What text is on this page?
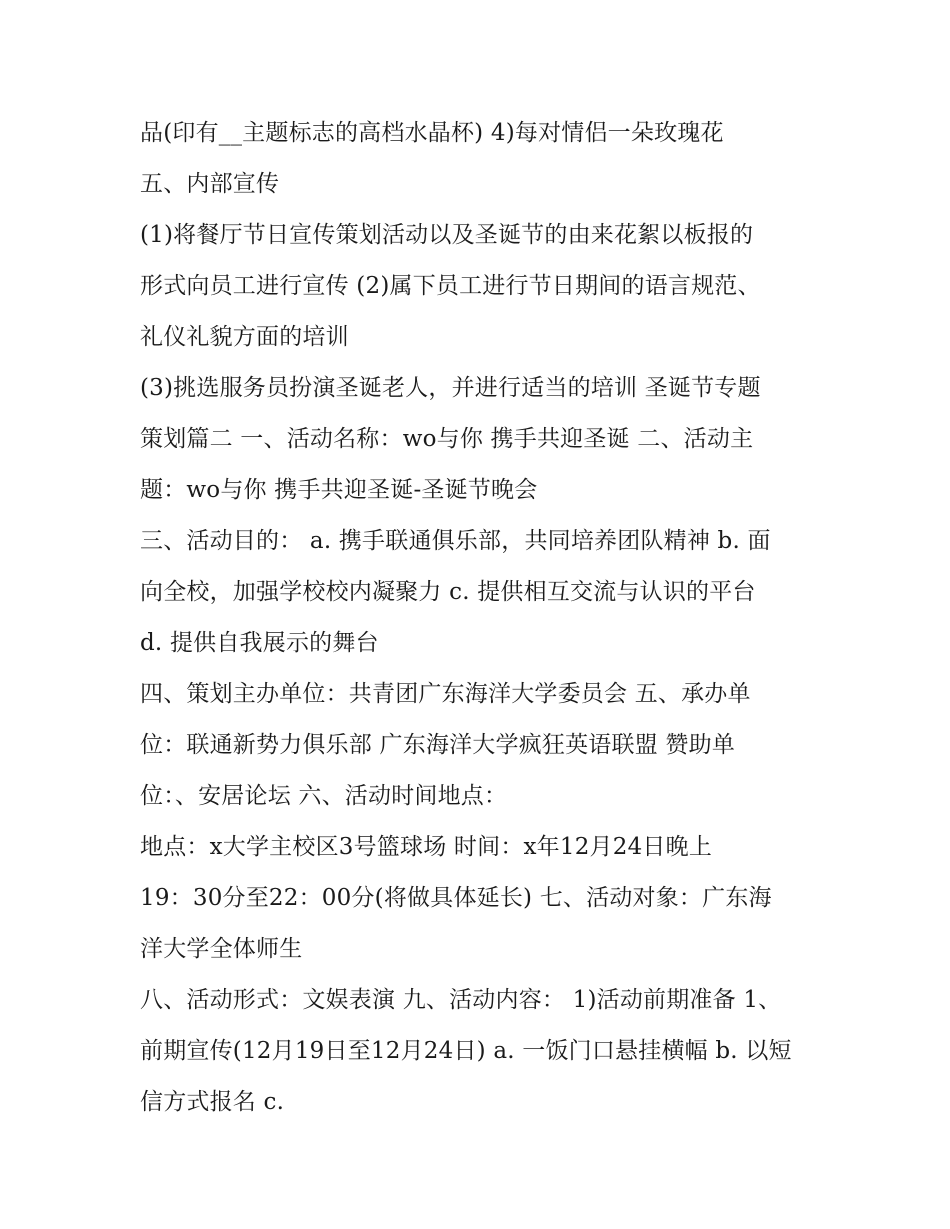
品(印有__主题标志的高档水晶杯) 4)每对情侣一朵玫瑰花
五、内部宣传
(1)将餐厅节日宣传策划活动以及圣诞节的由来花絮以板报的
形式向员工进行宣传 (2)属下员工进行节日期间的语言规范、
礼仪礼貌方面的培训
(3)挑选服务员扮演圣诞老人，并进行适当的培训 圣诞节专题
策划篇二 一、活动名称：wo与你 携手共迎圣诞 二、活动主
题：wo与你 携手共迎圣诞-圣诞节晚会
三、活动目的： a. 携手联通俱乐部，共同培养团队精神 b. 面
向全校，加强学校校内凝聚力 c. 提供相互交流与认识的平台
d. 提供自我展示的舞台
四、策划主办单位：共青团广东海洋大学委员会 五、承办单
位：联通新势力俱乐部 广东海洋大学疯狂英语联盟 赞助单
位：、安居论坛 六、活动时间地点：
地点：x大学主校区3号篮球场 时间：x年12月24日晚上
19：30分至22：00分(将做具体延长) 七、活动对象：广东海
洋大学全体师生
八、活动形式：文娱表演 九、活动内容： 1)活动前期准备 1、
前期宣传(12月19日至12月24日) a. 一饭门口悬挂横幅 b. 以短
信方式报名 c.
